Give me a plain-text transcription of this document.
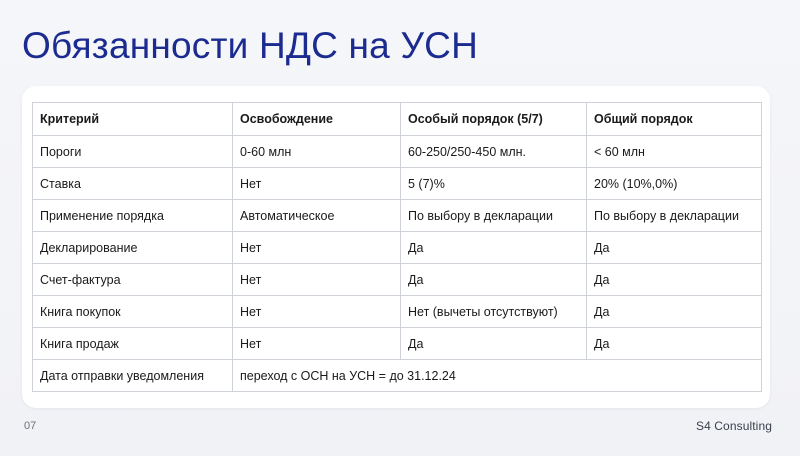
Обязанности НДС на УСН
Критерий	Освобождение	Особый порядок (5/7)	Общий порядок
Пороги	0-60 млн	60-250/250-450 млн.	< 60 млн
Ставка	Нет	5 (7)%	20% (10%,0%)
Применение порядка	Автоматическое	По выбору в декларации	По выбору в декларации
Декларирование	Нет	Да	Да
Счет-фактура	Нет	Да	Да
Книга покупок	Нет	Нет (вычеты отсутствуют)	Да
Книга продаж	Нет	Да	Да
Дата отправки уведомления	переход с ОСН на УСН = до 31.12.24		
07	S4 Consulting
